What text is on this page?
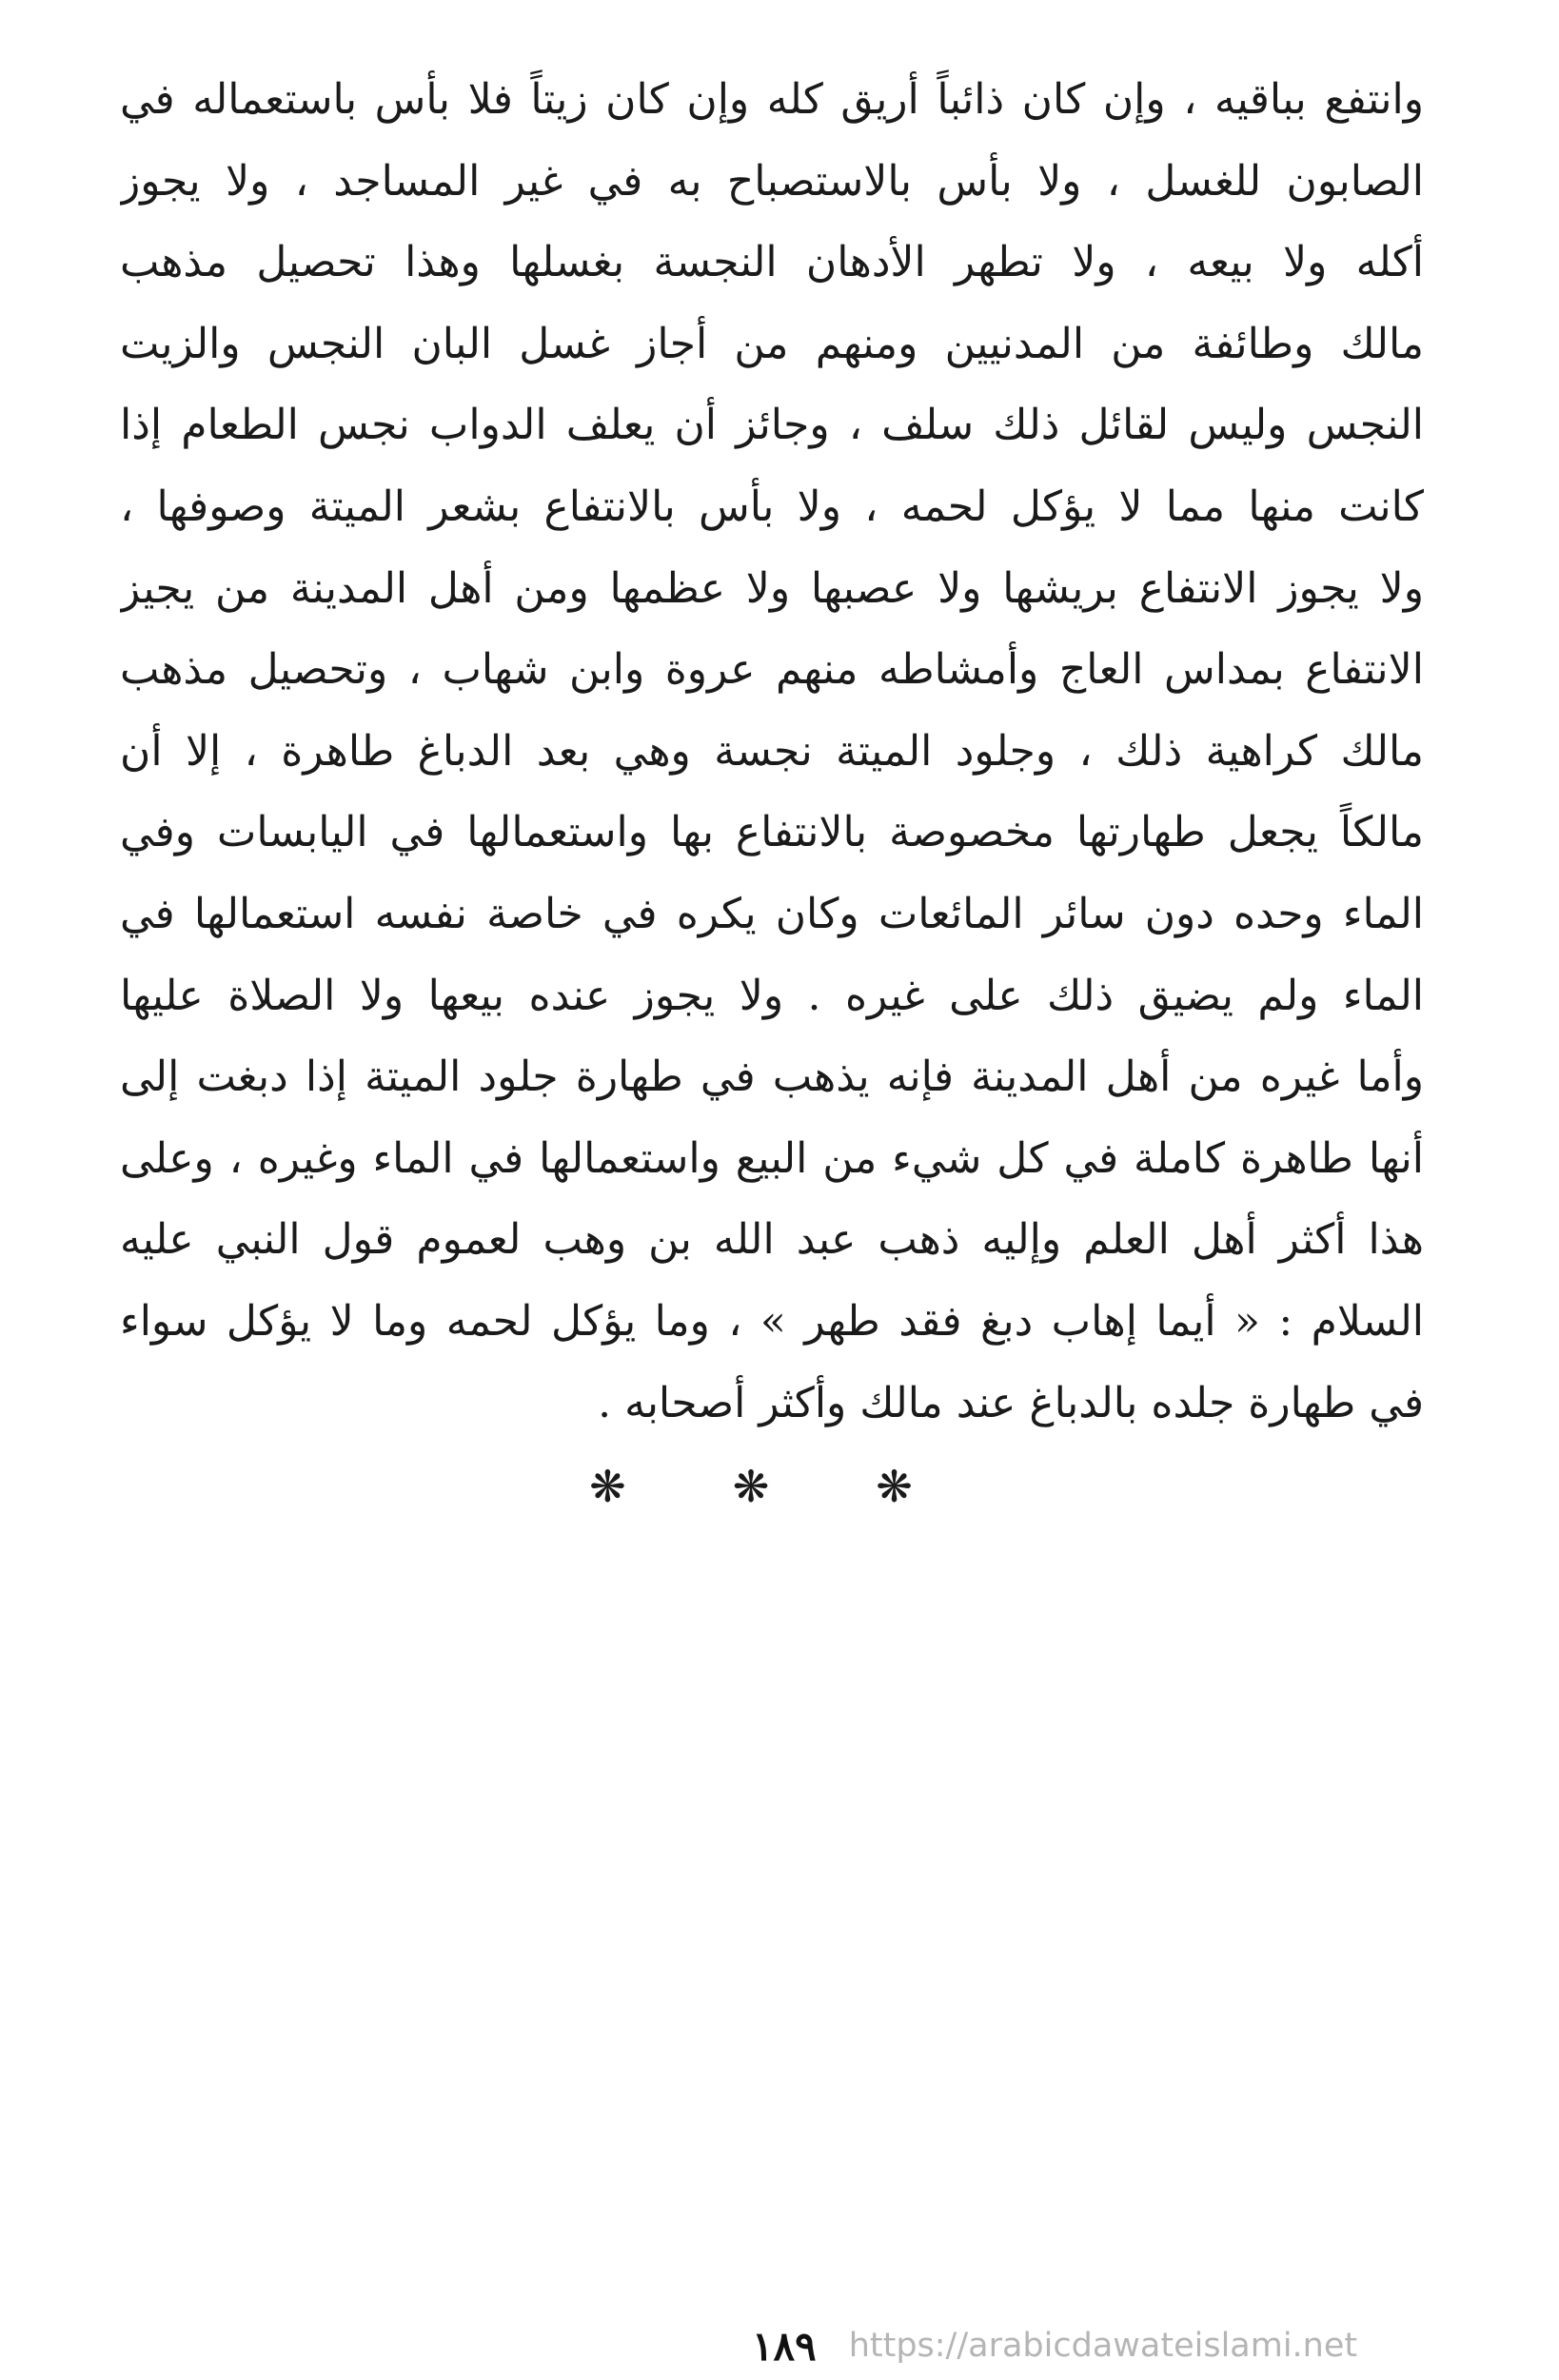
وانتفع بباقيه ، وإن كان ذائباً أريق كله وإن كان زيتاً فلا بأس باستعماله في
الصابون للغسل ، ولا بأس بالاستصباح به في غير المساجد ، ولا يجوز
أكله ولا بيعه ، ولا تطهر الأدهان النجسة بغسلها وهذا تحصيل مذهب
مالك وطائفة من المدنيين ومنهم من أجاز غسل البان النجس والزيت
النجس وليس لقائل ذلك سلف ، وجائز أن يعلف الدواب نجس الطعام إذا
كانت منها مما لا يؤكل لحمه ، ولا بأس بالانتفاع بشعر الميتة وصوفها ،
ولا يجوز الانتفاع بريشها ولا عصبها ولا عظمها ومن أهل المدينة من يجيز
الانتفاع بمداس العاج وأمشاطه منهم عروة وابن شهاب ، وتحصيل مذهب
مالك كراهية ذلك ، وجلود الميتة نجسة وهي بعد الدباغ طاهرة ، إلا أن
مالكاً يجعل طهارتها مخصوصة بالانتفاع بها واستعمالها في اليابسات وفي
الماء وحده دون سائر المائعات وكان يكره في خاصة نفسه استعمالها في
الماء ولم يضيق ذلك على غيره . ولا يجوز عنده بيعها ولا الصلاة عليها
وأما غيره من أهل المدينة فإنه يذهب في طهارة جلود الميتة إذا دبغت إلى
أنها طاهرة كاملة في كل شيء من البيع واستعمالها في الماء وغيره ، وعلى
هذا أكثر أهل العلم وإليه ذهب عبد الله بن وهب لعموم قول النبي عليه
السلام : « أيما إهاب دبغ فقد طهر » ، وما يؤكل لحمه وما لا يؤكل سواء
في طهارة جلده بالدباغ عند مالك وأكثر أصحابه .
❋ ❋ ❋
١٨٩ https://arabicdawateislami.net
